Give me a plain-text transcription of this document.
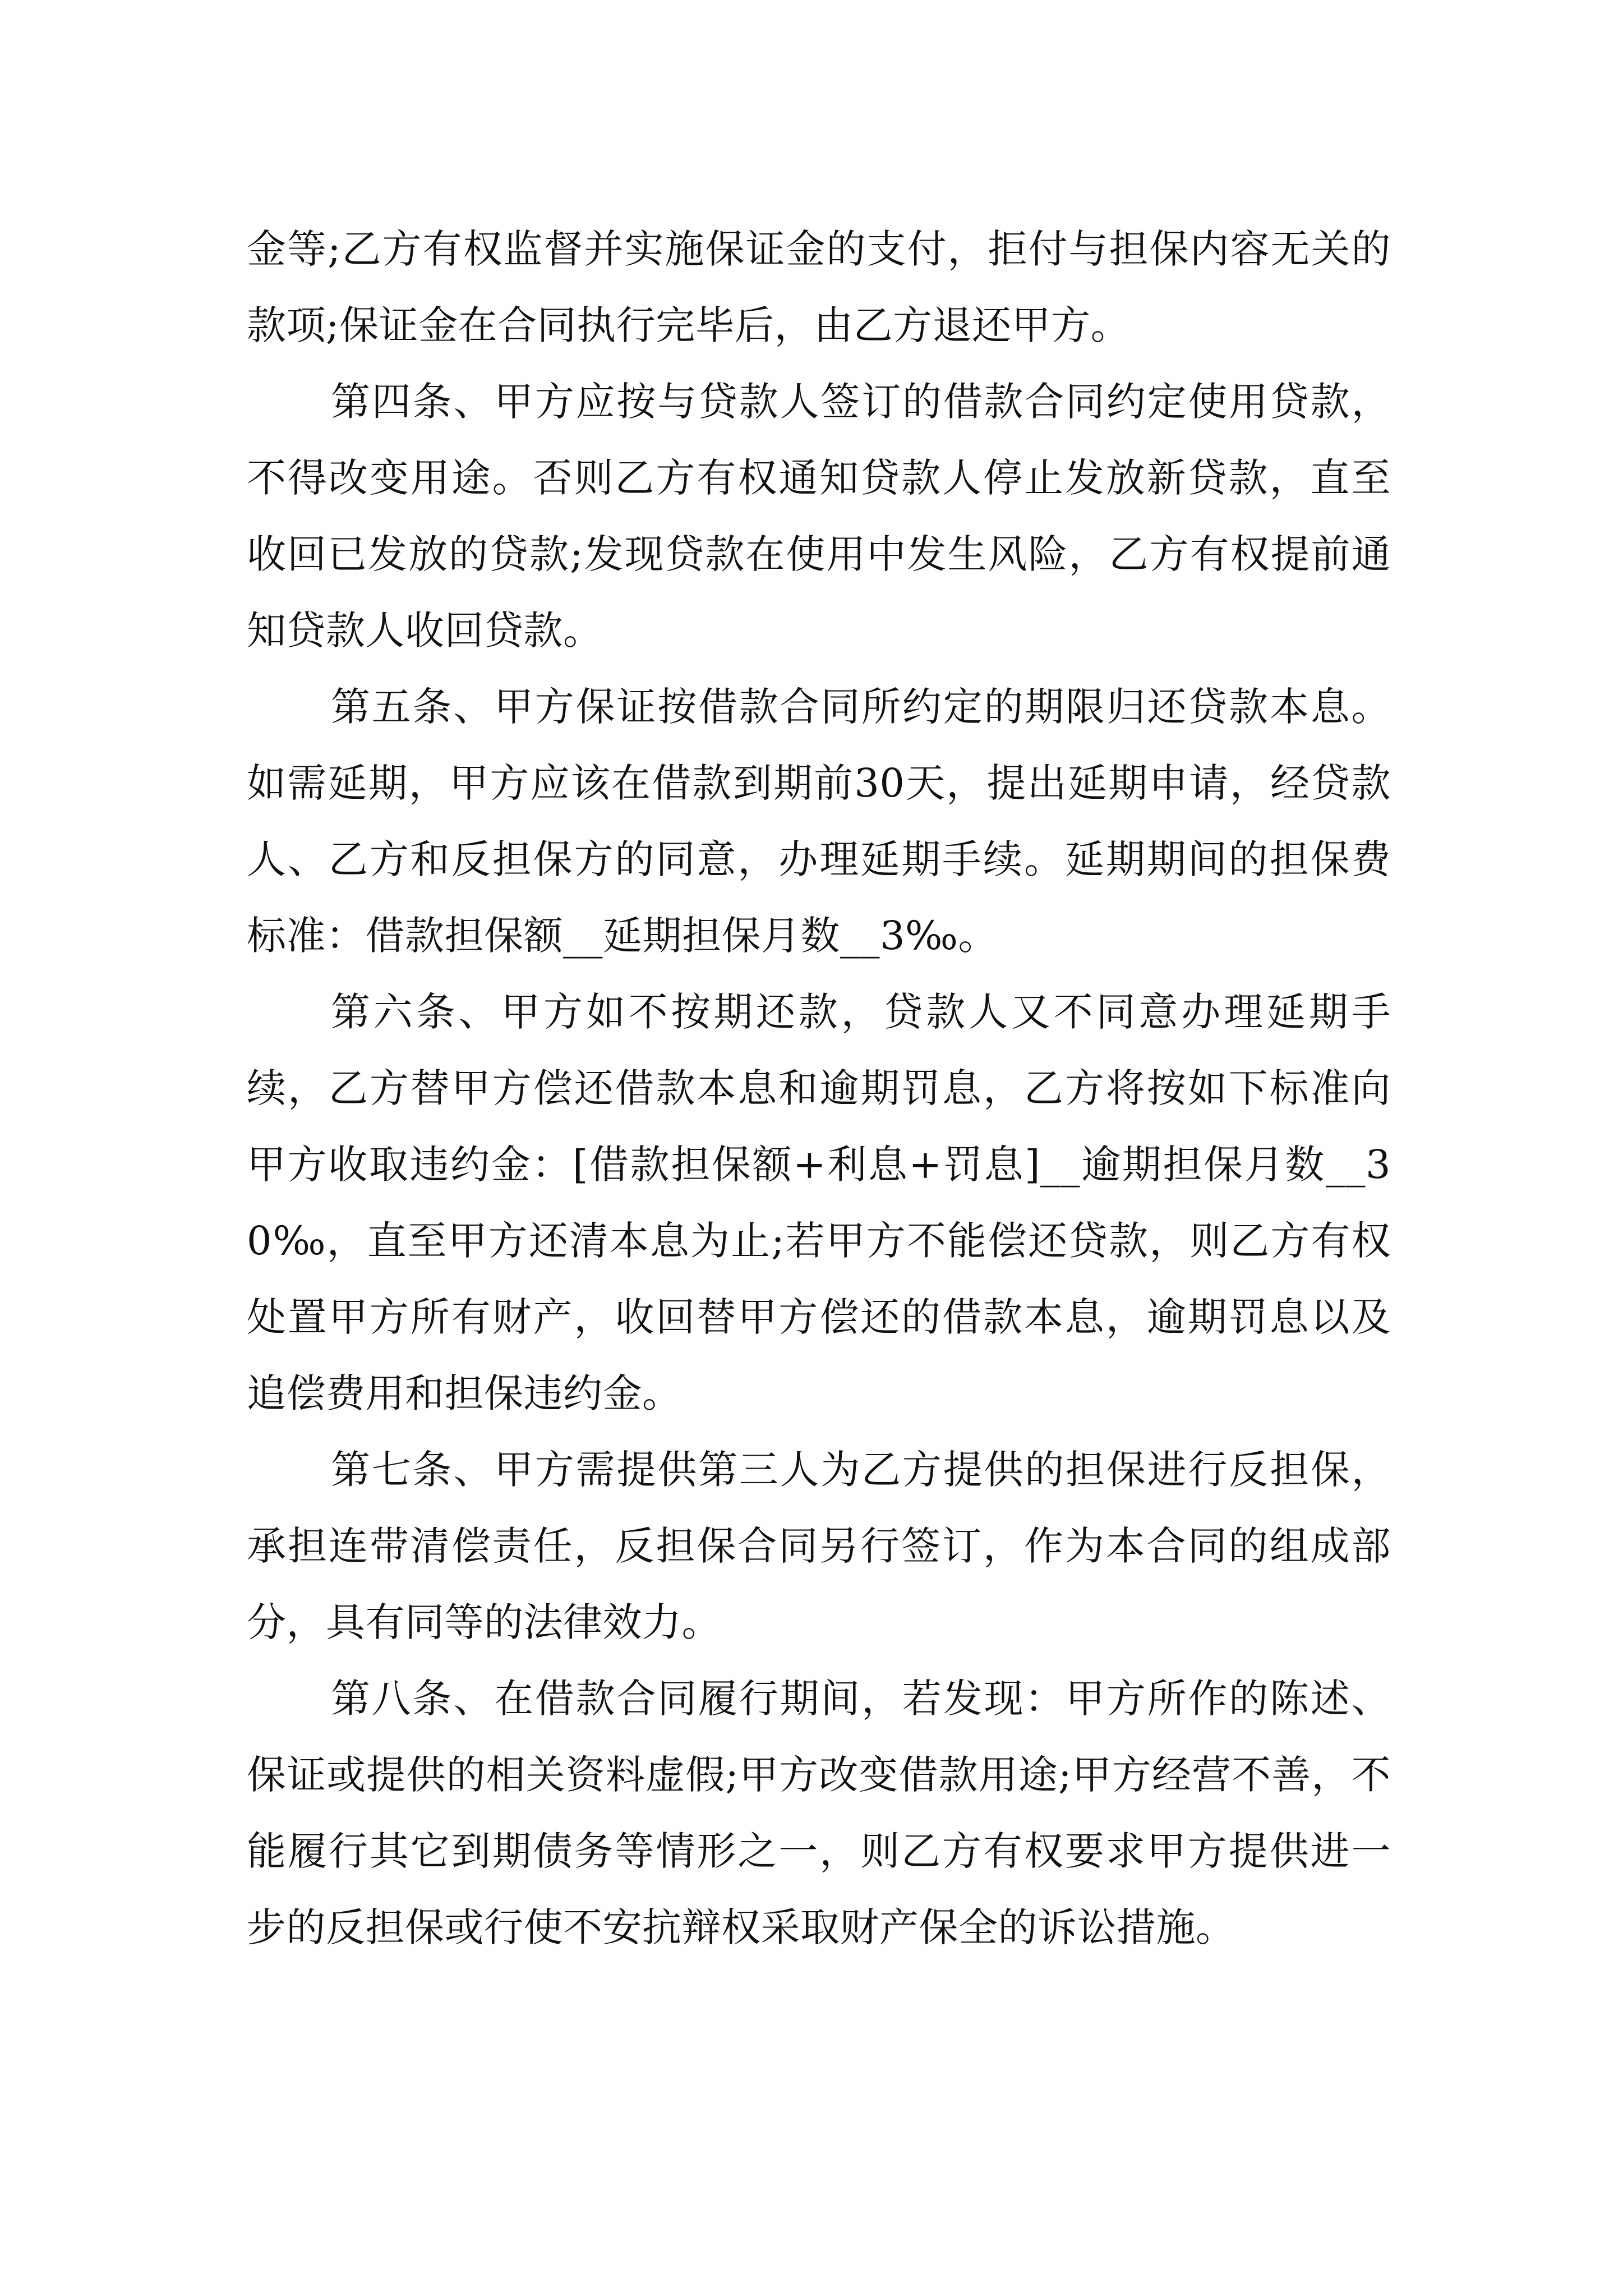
金等;乙方有权监督并实施保证金的支付，拒付与担保内容无关的款项;保证金在合同执行完毕后，由乙方退还甲方。

第四条、甲方应按与贷款人签订的借款合同约定使用贷款，不得改变用途。否则乙方有权通知贷款人停止发放新贷款，直至收回已发放的贷款;发现贷款在使用中发生风险，乙方有权提前通知贷款人收回贷款。

第五条、甲方保证按借款合同所约定的期限归还贷款本息。如需延期，甲方应该在借款到期前30天，提出延期申请，经贷款人、乙方和反担保方的同意，办理延期手续。延期期间的担保费标准：借款担保额__延期担保月数__3‰。

第六条、甲方如不按期还款，贷款人又不同意办理延期手续，乙方替甲方偿还借款本息和逾期罚息，乙方将按如下标准向甲方收取违约金：[借款担保额+利息+罚息]__逾期担保月数__30‰，直至甲方还清本息为止;若甲方不能偿还贷款，则乙方有权处置甲方所有财产，收回替甲方偿还的借款本息，逾期罚息以及追偿费用和担保违约金。

第七条、甲方需提供第三人为乙方提供的担保进行反担保，承担连带清偿责任，反担保合同另行签订，作为本合同的组成部分，具有同等的法律效力。

第八条、在借款合同履行期间，若发现：甲方所作的陈述、保证或提供的相关资料虚假;甲方改变借款用途;甲方经营不善，不能履行其它到期债务等情形之一，则乙方有权要求甲方提供进一步的反担保或行使不安抗辩权采取财产保全的诉讼措施。
